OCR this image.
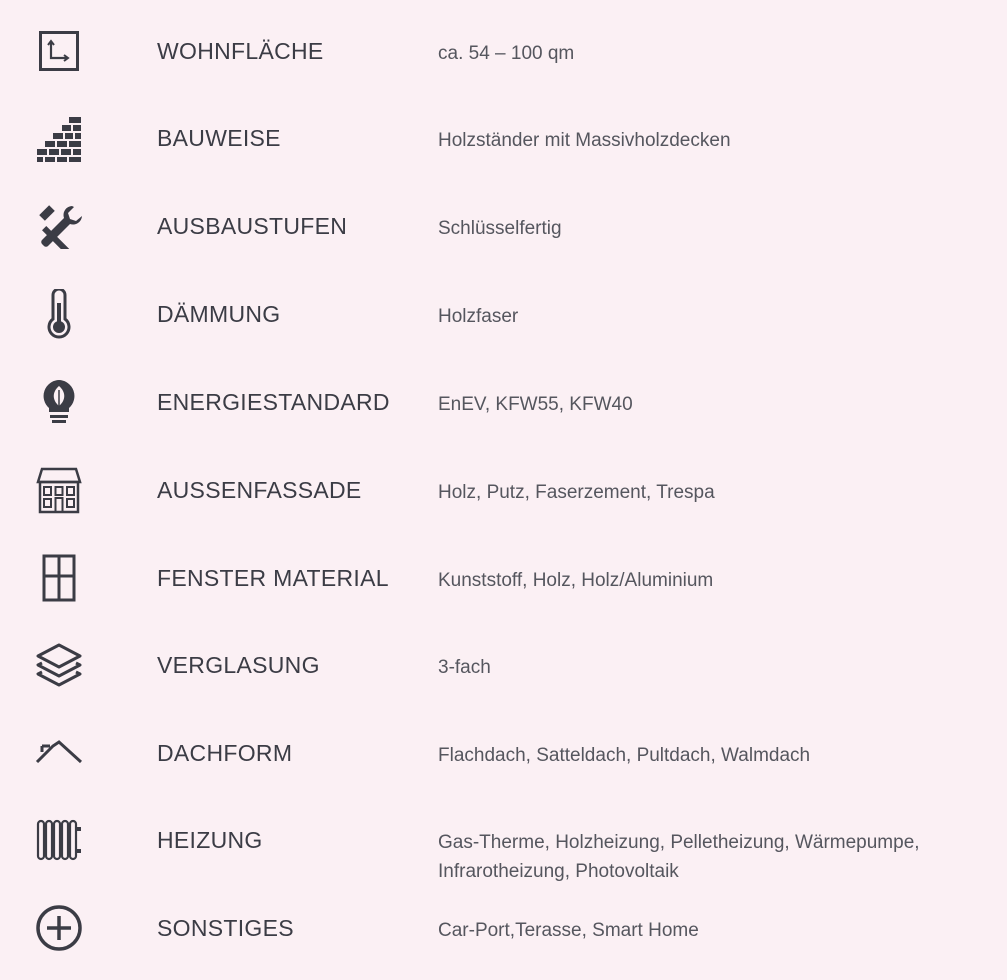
WOHNFLÄCHE	ca. 54 – 100 qm
BAUWEISE	Holzständer mit Massivholzdecken
AUSBAUSTUFEN	Schlüsselfertig
DÄMMUNG	Holzfaser
ENERGIESTANDARD	EnEV, KFW55, KFW40
AUSSENFASSADE	Holz, Putz, Faserzement, Trespa
FENSTER MATERIAL	Kunststoff, Holz, Holz/Aluminium
VERGLASUNG	3-fach
DACHFORM	Flachdach, Satteldach, Pultdach, Walmdach
HEIZUNG	Gas-Therme, Holzheizung, Pelletheizung, Wärmepumpe,
Infrarotheizung, Photovoltaik
SONSTIGES	Car-Port,Terasse, Smart Home
